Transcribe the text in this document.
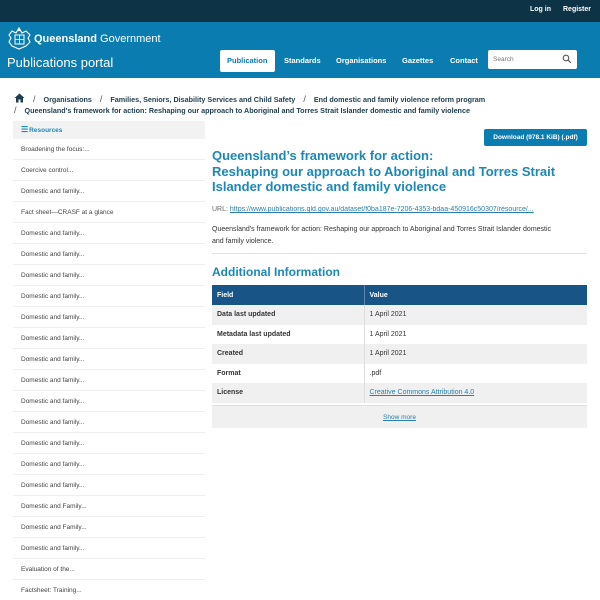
Log in Register
Queensland Government
Publications portal	Publication	Standards Organisations Gazettes Contact
Search
/ Organisations / Families, Seniors, Disability Services and Child Safety / End domestic and family violence reform program
/ Queensland's framework for action: Reshaping our approach to Aboriginal and Torres Strait Islander domestic and family violence
☰Resources
Broadening the focus:...
Coercive control...
Domestic and family...
Fact sheet—CRASF at a glance
Domestic and family...
Domestic and family...
Domestic and family...
Domestic and family...
Domestic and family...
Domestic and family...
Domestic and family...
Domestic and family...
Domestic and family...
Domestic and family...
Domestic and family...
Domestic and family...
Domestic and family...
Domestic and Family...
Domestic and Family...
Domestic and family...
Evaluation of the...
Factsheet: Training...
Download (978.1 KiB) (.pdf)
Queensland’s framework for action:
Reshaping our approach to Aboriginal and Torres Strait Islander domestic and family violence
URL: https://www.publications.qld.gov.au/dataset/f0ba187e-7206-4353-bdaa-450916c50307/resource/...

Queensland’s framework for action: Reshaping our approach to Aboriginal and Torres Strait Islander domestic and family violence.

Additional Information
Field	Value
Data last updated	1 April 2021
Metadata last updated	1 April 2021
Created	1 April 2021
Format	.pdf
License	Creative Commons Attribution 4.0
Show more
